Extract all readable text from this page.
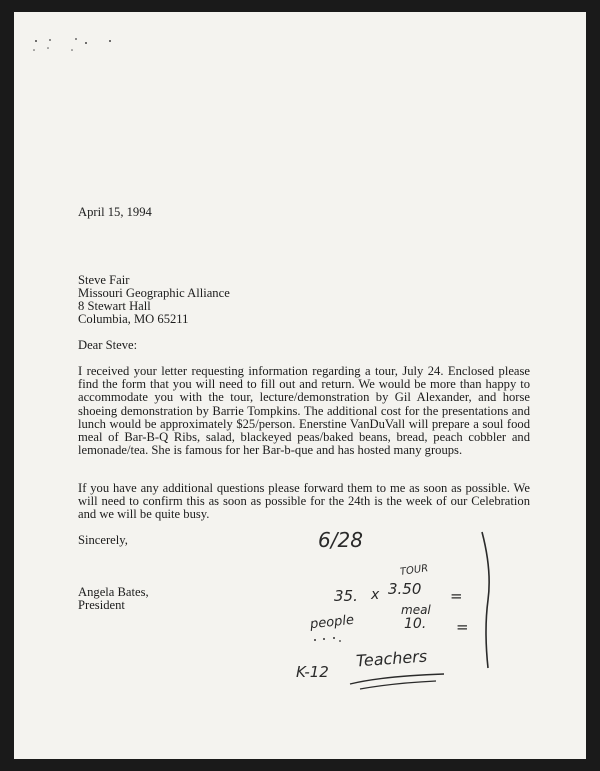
April 15, 1994
Steve Fair
Missouri Geographic Alliance
8 Stewart Hall
Columbia, MO 65211
Dear Steve:

I received your letter requesting information regarding a tour, July 24. Enclosed please find the form that you will need to fill out and return. We would be more than happy to accommodate you with the tour, lecture/demonstration by Gil Alexander, and horse shoeing demonstration by Barrie Tompkins. The additional cost for the presentations and lunch would be approximately $25/person. Enerstine VanDuVall will prepare a soul food meal of Bar-B-Q Ribs, salad, blackeyed peas/baked beans, bread, peach cobbler and lemonade/tea. She is famous for her Bar-b-que and has hosted many groups.

If you have any additional questions please forward them to me as soon as possible. We will need to confirm this as soon as possible for the 24th is the week of our Celebration and we will be quite busy.

Sincerely,
Angela Bates,
President
6/28
TOUR
35. x 3.50 =
people
meal
10. =
K-12
Teachers
